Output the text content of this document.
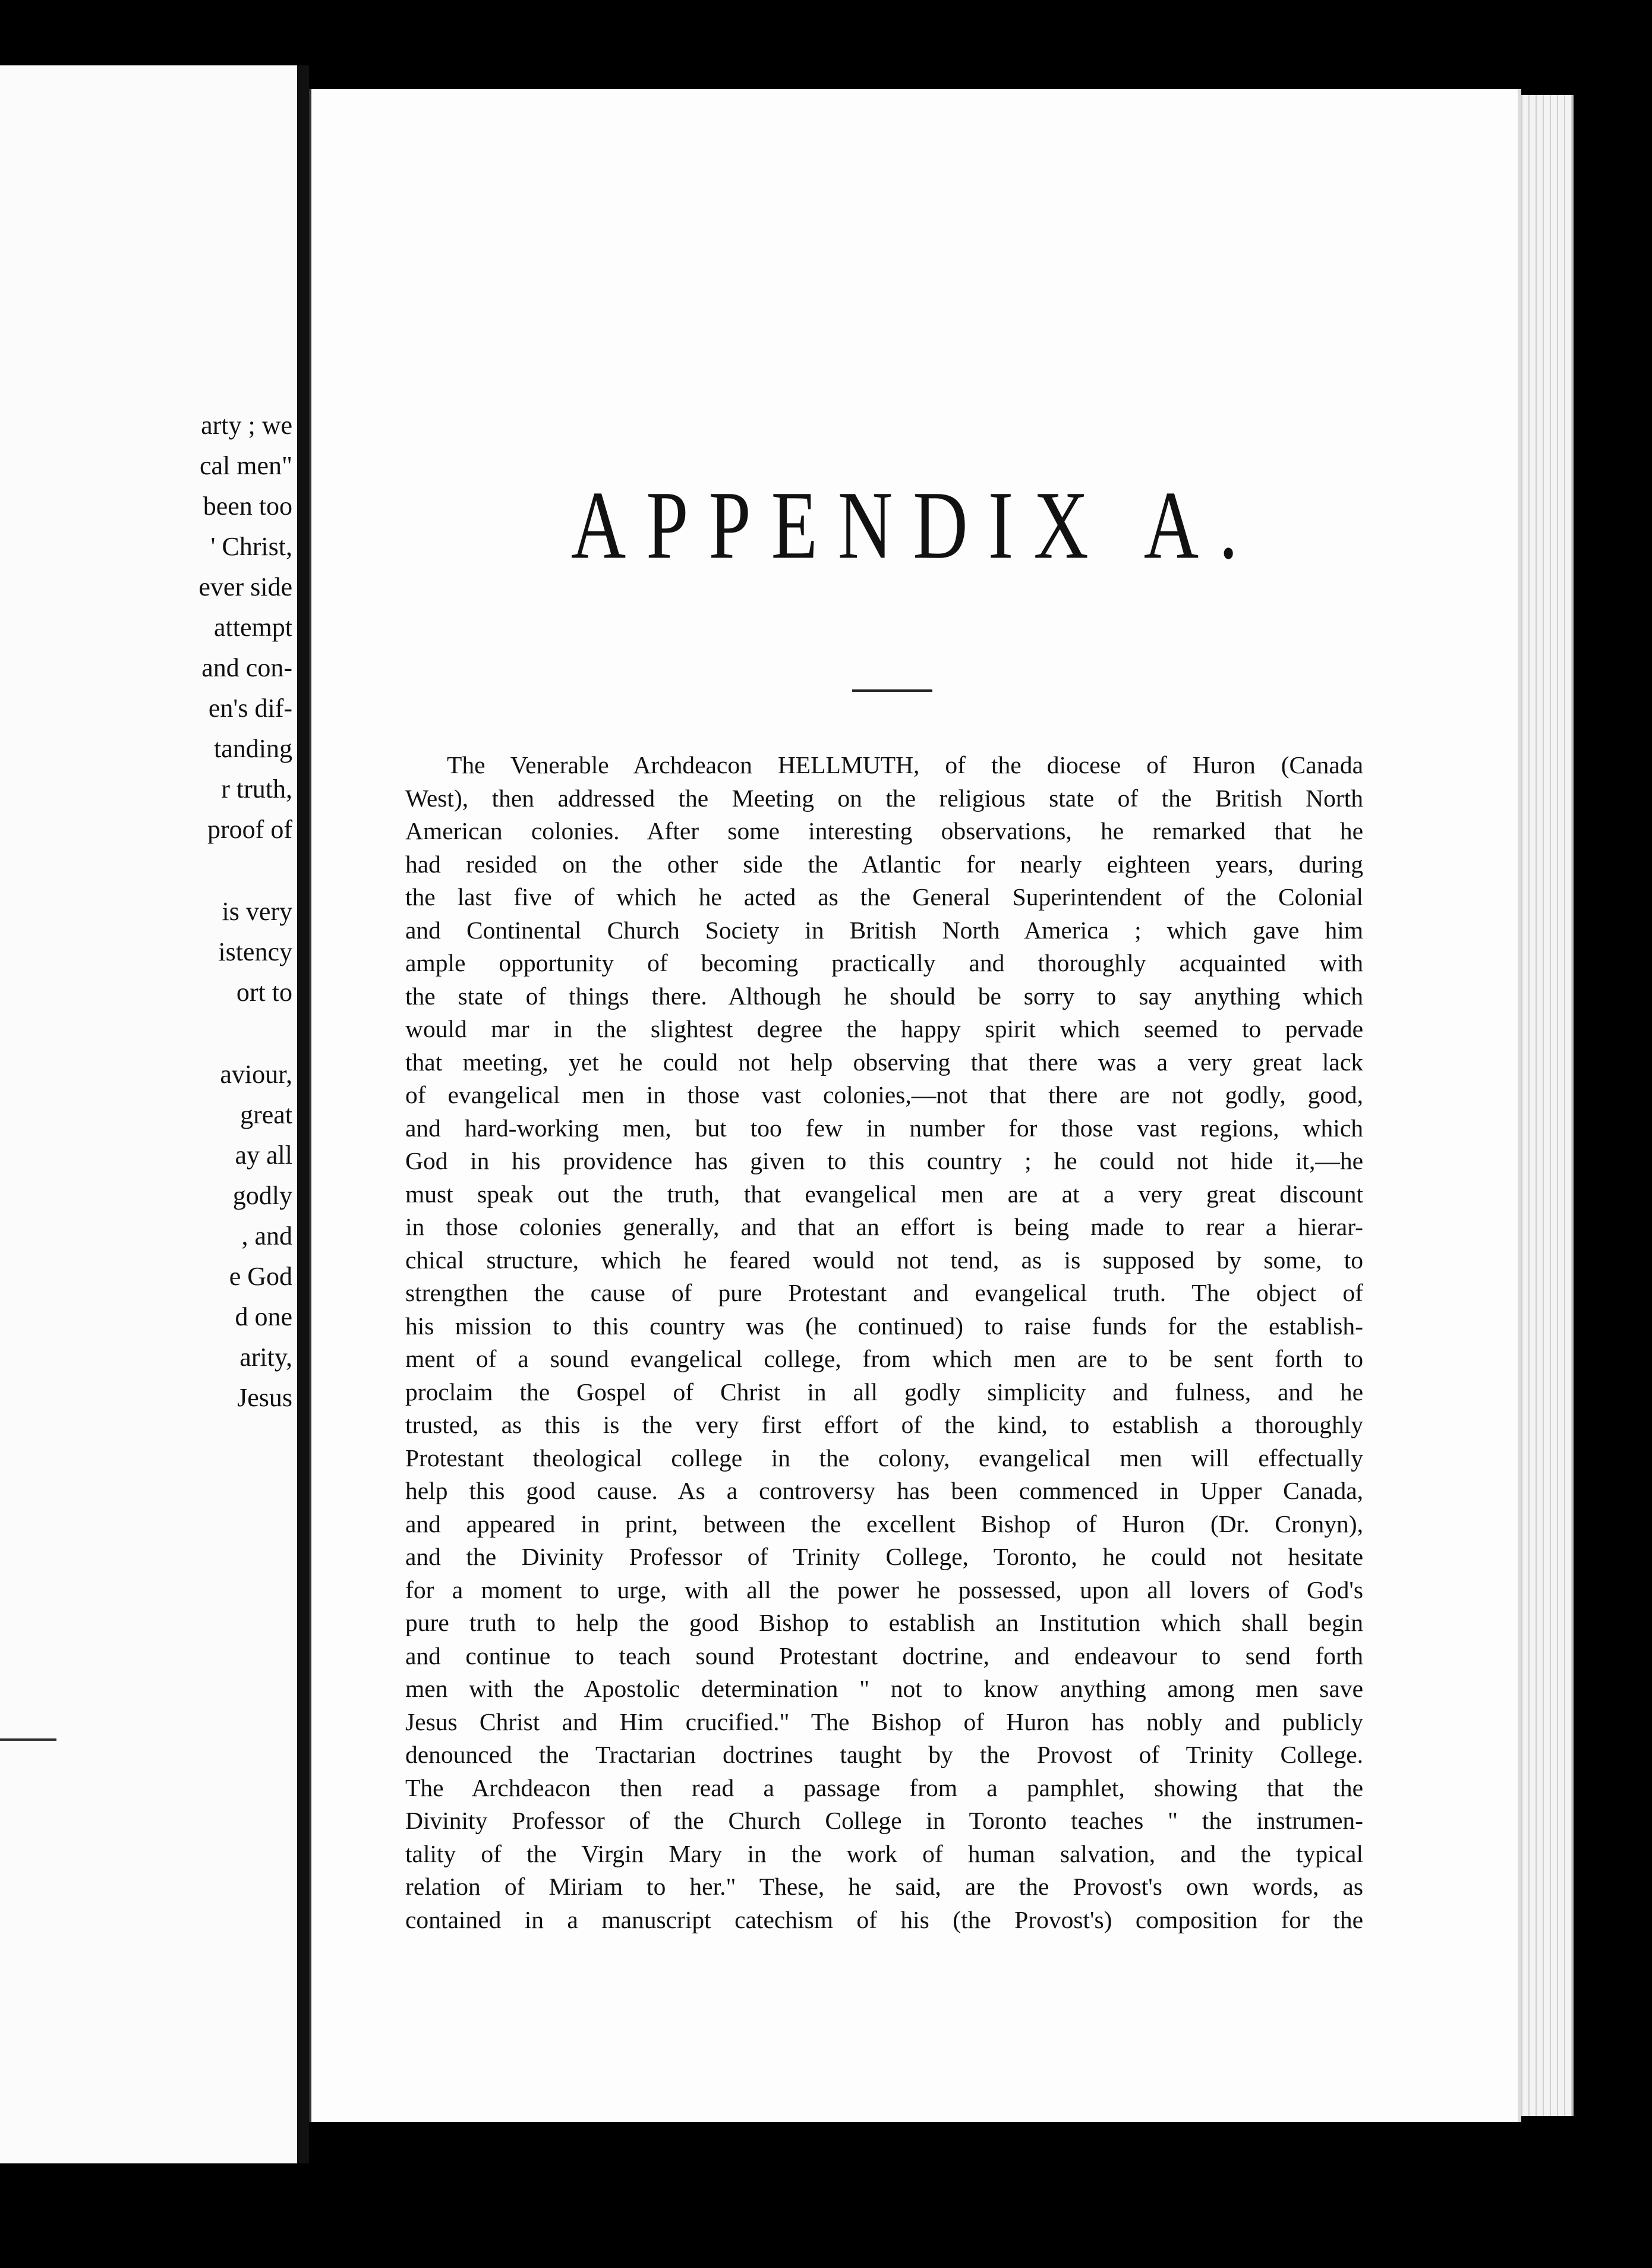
arty ; we
cal men"
been too
' Christ,
ever side
attempt
and con-
en's dif-
tanding
r truth,
proof of
is very
istency
ort to
aviour,
great
ay all
godly
, and
e God
d one
arity,
Jesus
APPENDIX A.
The Venerable Archdeacon HELLMUTH, of the diocese of Huron (Canada
West), then addressed the Meeting on the religious state of the British North
American colonies. After some interesting observations, he remarked that he
had resided on the other side the Atlantic for nearly eighteen years, during
the last five of which he acted as the General Superintendent of the Colonial
and Continental Church Society in British North America ; which gave him
ample opportunity of becoming practically and thoroughly acquainted with
the state of things there. Although he should be sorry to say anything which
would mar in the slightest degree the happy spirit which seemed to pervade
that meeting, yet he could not help observing that there was a very great lack
of evangelical men in those vast colonies,—not that there are not godly, good,
and hard-working men, but too few in number for those vast regions, which
God in his providence has given to this country ; he could not hide it,—he
must speak out the truth, that evangelical men are at a very great discount
in those colonies generally, and that an effort is being made to rear a hierar-
chical structure, which he feared would not tend, as is supposed by some, to
strengthen the cause of pure Protestant and evangelical truth. The object of
his mission to this country was (he continued) to raise funds for the establish-
ment of a sound evangelical college, from which men are to be sent forth to
proclaim the Gospel of Christ in all godly simplicity and fulness, and he
trusted, as this is the very first effort of the kind, to establish a thoroughly
Protestant theological college in the colony, evangelical men will effectually
help this good cause. As a controversy has been commenced in Upper Canada,
and appeared in print, between the excellent Bishop of Huron (Dr. Cronyn),
and the Divinity Professor of Trinity College, Toronto, he could not hesitate
for a moment to urge, with all the power he possessed, upon all lovers of God's
pure truth to help the good Bishop to establish an Institution which shall begin
and continue to teach sound Protestant doctrine, and endeavour to send forth
men with the Apostolic determination " not to know anything among men save
Jesus Christ and Him crucified." The Bishop of Huron has nobly and publicly
denounced the Tractarian doctrines taught by the Provost of Trinity College.
The Archdeacon then read a passage from a pamphlet, showing that the
Divinity Professor of the Church College in Toronto teaches " the instrumen-
tality of the Virgin Mary in the work of human salvation, and the typical
relation of Miriam to her." These, he said, are the Provost's own words, as
contained in a manuscript catechism of his (the Provost's) composition for the
